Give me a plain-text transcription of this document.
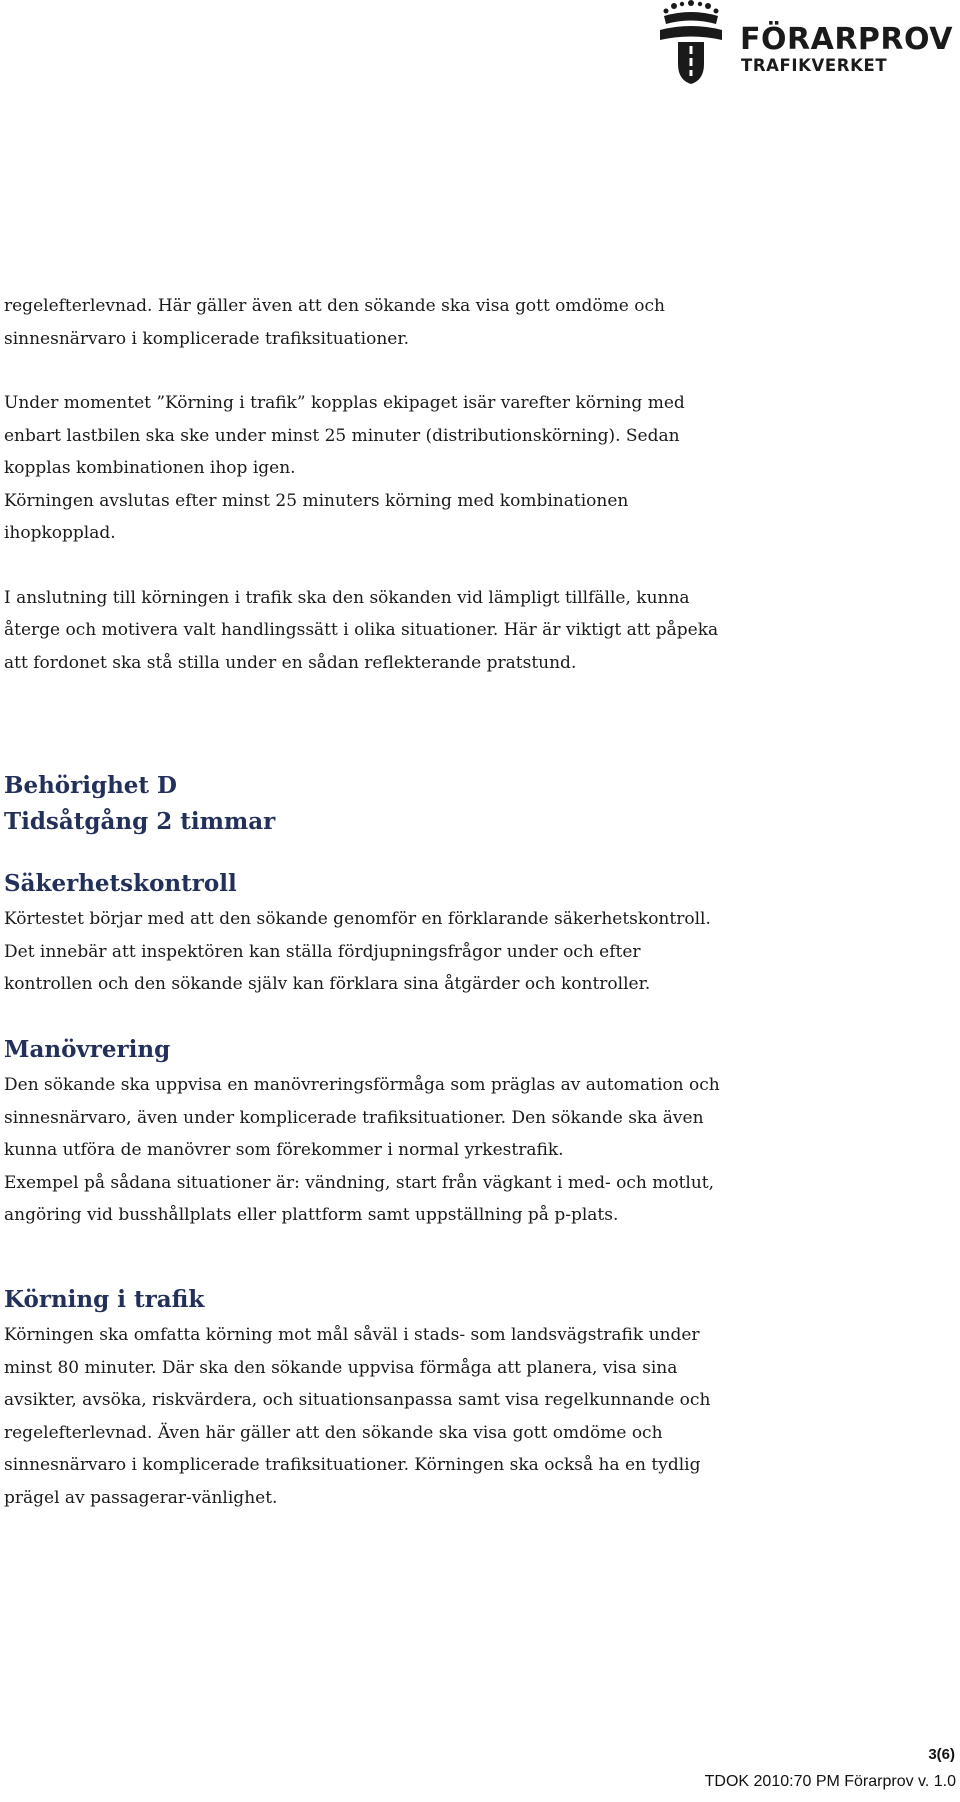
FÖRARPROV
TRAFIKVERKET

regelefterlevnad. Här gäller även att den sökande ska visa gott omdöme och

sinnesnärvaro i komplicerade trafiksituationer.

Under momentet ”Körning i trafik” kopplas ekipaget isär varefter körning med

enbart lastbilen ska ske under minst 25 minuter (distributionskörning). Sedan

kopplas kombinationen ihop igen.

Körningen avslutas efter minst 25 minuters körning med kombinationen

ihopkopplad.

I anslutning till körningen i trafik ska den sökanden vid lämpligt tillfälle, kunna

återge och motivera valt handlingssätt i olika situationer. Här är viktigt att påpeka

att fordonet ska stå stilla under en sådan reflekterande pratstund.

Behörighet D
Tidsåtgång 2 timmar
Säkerhetskontroll

Körtestet börjar med att den sökande genomför en förklarande säkerhetskontroll.

Det innebär att inspektören kan ställa fördjupningsfrågor under och efter

kontrollen och den sökande själv kan förklara sina åtgärder och kontroller.

Manövrering

Den sökande ska uppvisa en manövreringsförmåga som präglas av automation och

sinnesnärvaro, även under komplicerade trafiksituationer. Den sökande ska även

kunna utföra de manövrer som förekommer i normal yrkestrafik.

Exempel på sådana situationer är: vändning, start från vägkant i med- och motlut,

angöring vid busshållplats eller plattform samt uppställning på p-plats.

Körning i trafik

Körningen ska omfatta körning mot mål såväl i stads- som landsvägstrafik under

minst 80 minuter. Där ska den sökande uppvisa förmåga att planera, visa sina

avsikter, avsöka, riskvärdera, och situationsanpassa samt visa regelkunnande och

regelefterlevnad. Även här gäller att den sökande ska visa gott omdöme och

sinnesnärvaro i komplicerade trafiksituationer. Körningen ska också ha en tydlig

prägel av passagerar-vänlighet.

3(6)
TDOK 2010:70 PM Förarprov v. 1.0
